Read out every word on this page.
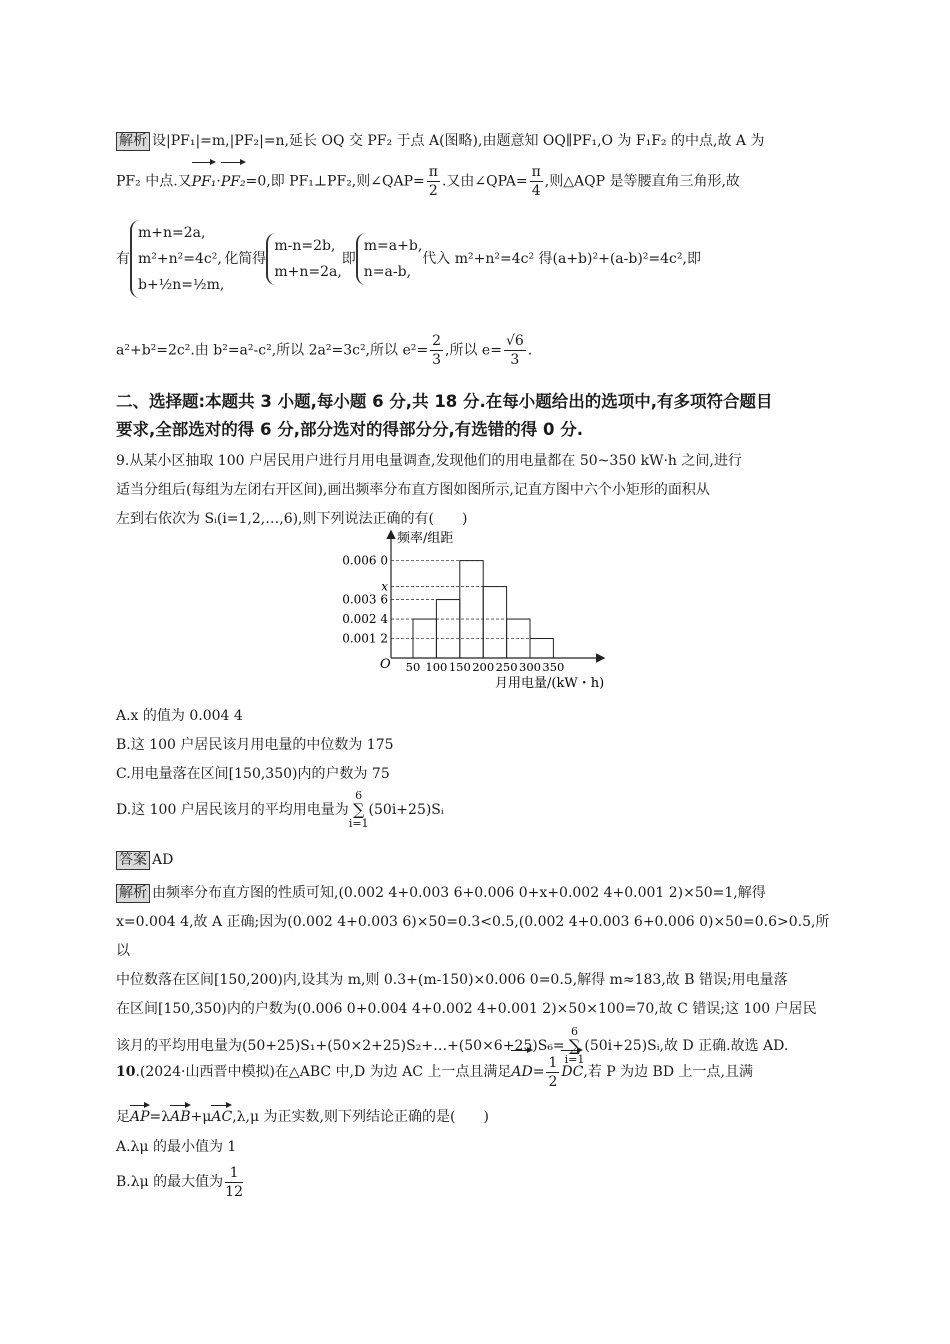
解析 设|PF₁|=m,|PF₂|=n,延长 OQ 交 PF₂ 于点 A(图略),由题意知 OQ∥PF₁,O 为 F₁F₂ 的中点,故 A 为
PF₂ 中点.又PF₁·PF₂=0,即 PF₁⊥PF₂,则∠QAP= $\frac{\pi}{2}$ .又由∠QPA= $\frac{\pi}{4}$ ,则△AQP 是等腰直角三角形,故
有
m+n=2a,
m²+n²=4c²,
b+½n=½m,
化简得
m-n=2b,
m+n=2a,
即
m=a+b,
n=a-b,
代入 m²+n²=4c² 得(a+b)²+(a-b)²=4c²,即
a²+b²=2c².由 b²=a²-c²,所以 2a²=3c²,所以 $e^2= \frac{2}{3}$ ,所以 $e= \frac{√6}{3}$ .
二、选择题:本题共 3 小题,每小题 6 分,共 18 分.在每小题给出的选项中,有多项符合题目
要求,全部选对的得 6 分,部分选对的得部分分,有选错的得 0 分.
9.从某小区抽取 100 户居民用户进行月用电量调查,发现他们的用电量都在 50~350 kW·h 之间,进行
适当分组后(每组为左闭右开区间),画出频率分布直方图如图所示,记直方图中六个小矩形的面积从
左到右依次为 Sᵢ(i=1,2,…,6),则下列说法正确的有(　　)
0.001 2
0.002 4
0.003 6
x
0.006 0
50 100 150 200 250 300 350
频率/组距
月用电量/(kW・h)
O
A.x 的值为 0.004 4
B.这 100 户居民该月用电量的中位数为 175
C.用电量落在区间[150,350)内的户数为 75
D.这 100 户居民该月的平均用电量为
6
∑
i=1
(50i+25)Sᵢ
答案 AD
解析 由频率分布直方图的性质可知,(0.002 4+0.003 6+0.006 0+x+0.002 4+0.001 2)×50=1,解得
x=0.004 4,故 A 正确;因为(0.002 4+0.003 6)×50=0.3<0.5,(0.002 4+0.003 6+0.006 0)×50=0.6>0.5,所以
中位数落在区间[150,200)内,设其为 m,则 0.3+(m-150)×0.006 0=0.5,解得 m≈183,故 B 错误;用电量落
在区间[150,350)内的户数为(0.006 0+0.004 4+0.002 4+0.001 2)×50×100=70,故 C 错误;这 100 户居民
该月的平均用电量为(50+25)S₁+(50×2+25)S₂+…+(50×6+25)S₆=
6
∑
i=1
(50i+25)Sᵢ,故 D 正确.故选 AD.
10.(2024·山西晋中模拟)在△ABC 中,D 为边 AC 上一点且满足$AD= \frac{1}{2}$ DC,若 P 为边 BD 上一点,且满
足AP=λAB+μAC,λ,μ 为正实数,则下列结论正确的是(　　)
A.λμ 的最小值为 1
B.λμ 的最大值为 $\frac{1}{12}$
